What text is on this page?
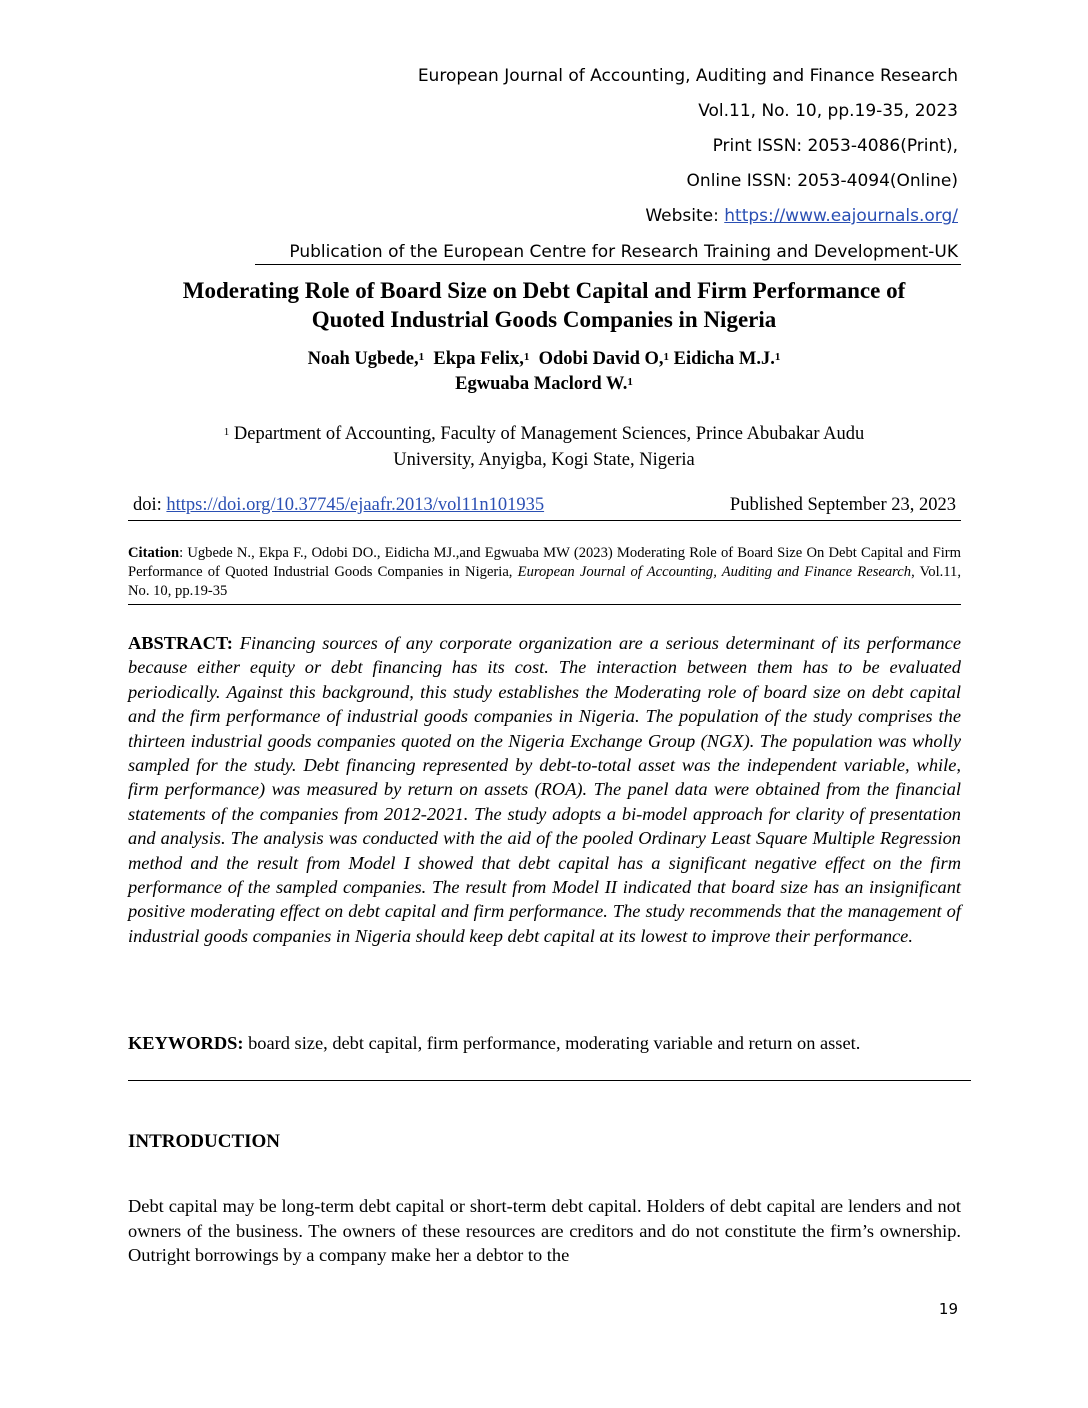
European Journal of Accounting, Auditing and Finance Research
Vol.11, No. 10, pp.19-35, 2023
Print ISSN: 2053-4086(Print),
Online ISSN: 2053-4094(Online)
Website: https://www.eajournals.org/
Publication of the European Centre for Research Training and Development-UK
Moderating Role of Board Size on Debt Capital and Firm Performance of
Quoted Industrial Goods Companies in Nigeria
Noah Ugbede,$^1$ Ekpa Felix,$^1$ Odobi David O,$^1$ Eidicha M.J.$^1$
Egwuaba Maclord W.$^1$
$^1$ Department of Accounting, Faculty of Management Sciences, Prince Abubakar Audu
University, Anyigba, Kogi State, Nigeria
doi: https://doi.org/10.37745/ejaafr.2013/vol11n101935	Published September 23, 2023
Citation: Ugbede N., Ekpa F., Odobi DO., Eidicha MJ.,and Egwuaba MW (2023) Moderating Role of Board Size On Debt Capital and Firm Performance of Quoted Industrial Goods Companies in Nigeria, European Journal of Accounting, Auditing and Finance Research, Vol.11, No. 10, pp.19-35
ABSTRACT: Financing sources of any corporate organization are a serious determinant of its performance because either equity or debt financing has its cost. The interaction between them has to be evaluated periodically. Against this background, this study establishes the Moderating role of board size on debt capital and the firm performance of industrial goods companies in Nigeria. The population of the study comprises the thirteen industrial goods companies quoted on the Nigeria Exchange Group (NGX). The population was wholly sampled for the study. Debt financing represented by debt-to-total asset was the independent variable, while, firm performance) was measured by return on assets (ROA). The panel data were obtained from the financial statements of the companies from 2012-2021. The study adopts a bi-model approach for clarity of presentation and analysis. The analysis was conducted with the aid of the pooled Ordinary Least Square Multiple Regression method and the result from Model I showed that debt capital has a significant negative effect on the firm performance of the sampled companies. The result from Model II indicated that board size has an insignificant positive moderating effect on debt capital and firm performance. The study recommends that the management of industrial goods companies in Nigeria should keep debt capital at its lowest to improve their performance.
KEYWORDS: board size, debt capital, firm performance, moderating variable and return on asset.
INTRODUCTION
Debt capital may be long-term debt capital or short-term debt capital. Holders of debt capital are lenders and not owners of the business. The owners of these resources are creditors and do not constitute the firm’s ownership. Outright borrowings by a company make her a debtor to the
19
